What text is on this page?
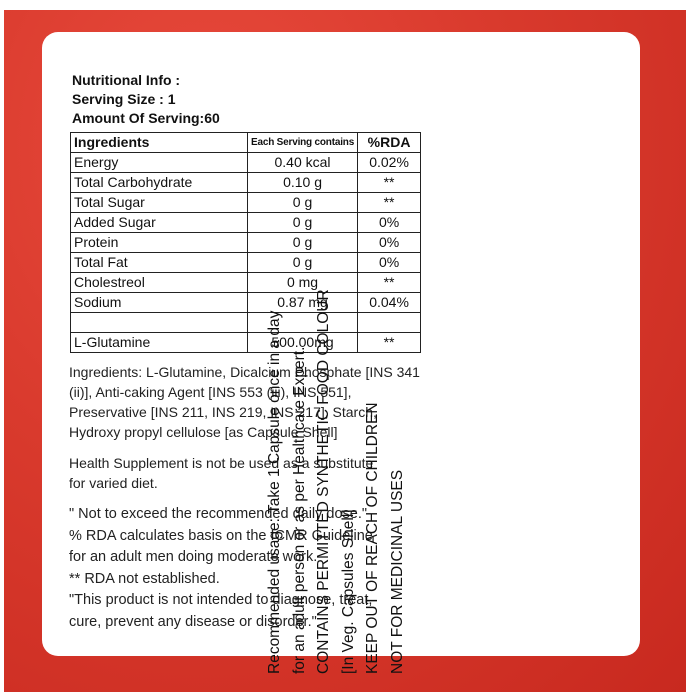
Nutritional Info :
Serving Size : 1
Amount Of Serving:60
Ingredients	Each Serving contains	%RDA
Energy	0.40 kcal	0.02%
Total Carbohydrate	0.10 g	**
Total Sugar	0 g	**
Added Sugar	0 g	0%
Protein	0 g	0%
Total Fat	0 g	0%
Cholestreol	0 mg	**
Sodium	0.87 mg	0.04%

L-Glutamine	500.00mg	**
Ingredients: L-Glutamine, Dicalcium Phosphate [INS 341
(ii)], Anti-caking Agent [INS 553 (iii), INS 551],
Preservative [INS 211, INS 219, INS 217], Starch,
Hydroxy propyl cellulose [as Capsule Shell]
Health Supplement is not be used as a substitute
for varied diet.
" Not to exceed the recommended daily dose."
% RDA calculates basis on the ICMR Guideline
for an adult men doing moderate work.
** RDA not established.
"This product is not intended to diagnose, treat,
cure, prevent any disease or disorder."
Recommended usage: Take 1 Capsule once in a day for an adult person or as per Healthcare Expert. CONTAINS PERMITTED SYNTHETIC FOOD COLOUR [In Veg. Capsules Shell] KEEP OUT OF REACH OF CHILDREN NOT FOR MEDICINAL USES
